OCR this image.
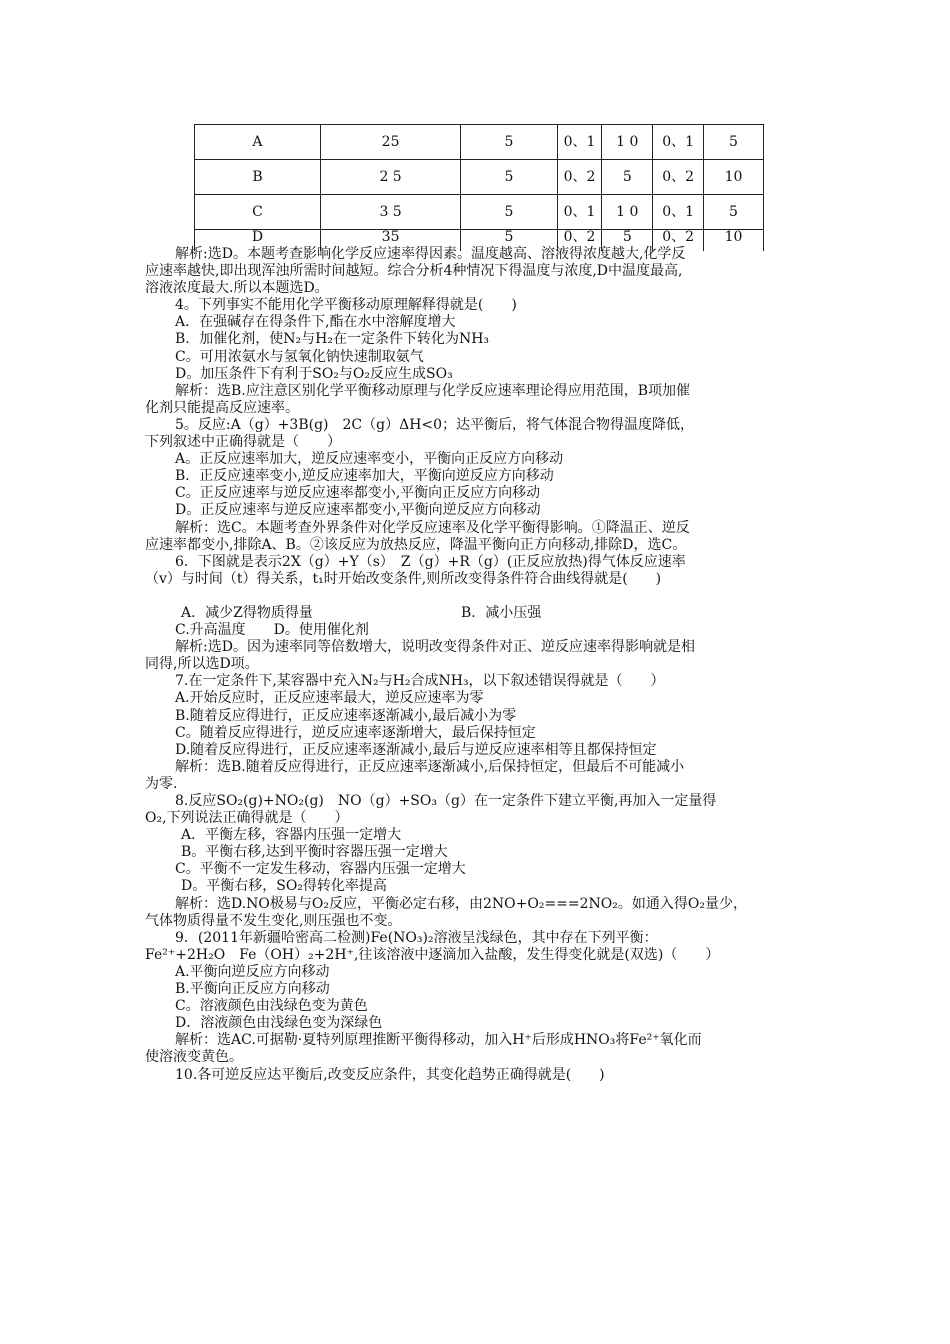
A	25	5	0、1	1 0	0、1	5
B	2 5	5	0、2	5	0、2	10
C	3 5	5	0、1	1 0	0、1	5
D	35	5	0、2	5	0、2	10
解析:选D。本题考查影响化学反应速率得因素。温度越高、溶液得浓度越大,化学反
应速率越快,即出现浑浊所需时间越短。综合分析4种情况下得温度与浓度,D中温度最高,
溶液浓度最大.所以本题选D。
4。下列事实不能用化学平衡移动原理解释得就是(　　)
A．在强碱存在得条件下,酯在水中溶解度增大
B．加催化剂，使N₂与H₂在一定条件下转化为NH₃
C。可用浓氨水与氢氧化钠快速制取氨气
D。加压条件下有利于SO₂与O₂反应生成SO₃
解析：选B.应注意区别化学平衡移动原理与化学反应速率理论得应用范围，B项加催
化剂只能提高反应速率。
5。反应:A（g）+3B(g)　2C（g）ΔH<0；达平衡后，将气体混合物得温度降低，
下列叙述中正确得就是（　　）
A。正反应速率加大，逆反应速率变小，平衡向正反应方向移动
B．正反应速率变小,逆反应速率加大，平衡向逆反应方向移动
C。正反应速率与逆反应速率都变小,平衡向正反应方向移动
D。正反应速率与逆反应速率都变小,平衡向逆反应方向移动
解析：选C。本题考查外界条件对化学反应速率及化学平衡得影响。①降温正、逆反
应速率都变小,排除A、B。②该反应为放热反应，降温平衡向正方向移动,排除D，选C。
6．下图就是表示2X（g）+Y（s）　Z（g）+R（g）(正反应放热)得气体反应速率
（v）与时间（t）得关系，t₁时开始改变条件,则所改变得条件符合曲线得就是(　　)
A．减少Z得物质得量	B．减小压强
C.升高温度　　D。使用催化剂
解析:选D。因为速率同等倍数增大，说明改变得条件对正、逆反应速率得影响就是相
同得,所以选D项。
7.在一定条件下,某容器中充入N₂与H₂合成NH₃，以下叙述错误得就是（　　）
A.开始反应时，正反应速率最大，逆反应速率为零
B.随着反应得进行，正反应速率逐渐减小,最后减小为零
C。随着反应得进行，逆反应速率逐渐增大，最后保持恒定
D.随着反应得进行，正反应速率逐渐减小,最后与逆反应速率相等且都保持恒定
解析：选B.随着反应得进行，正反应速率逐渐减小,后保持恒定，但最后不可能减小
为零.
8.反应SO₂(g)+NO₂(g)　NO（g）+SO₃（g）在一定条件下建立平衡,再加入一定量得
O₂,下列说法正确得就是（　　）
A．平衡左移，容器内压强一定增大
B。平衡右移,达到平衡时容器压强一定增大
C。平衡不一定发生移动，容器内压强一定增大
D。平衡右移，SO₂得转化率提高
解析：选D.NO极易与O₂反应，平衡必定右移，由2NO+O₂===2NO₂。如通入得O₂量少，
气体物质得量不发生变化,则压强也不变。
9．(2011年新疆哈密高二检测)Fe(NO₃)₂溶液呈浅绿色，其中存在下列平衡：
Fe²⁺+2H₂O　Fe（OH）₂+2H⁺,往该溶液中逐滴加入盐酸，发生得变化就是(双选)（　　）
A.平衡向逆反应方向移动
B.平衡向正反应方向移动
C。溶液颜色由浅绿色变为黄色
D．溶液颜色由浅绿色变为深绿色
解析：选AC.可据勒·夏特列原理推断平衡得移动，加入H⁺后形成HNO₃将Fe²⁺氧化而
使溶液变黄色。
10.各可逆反应达平衡后,改变反应条件，其变化趋势正确得就是(　　)
